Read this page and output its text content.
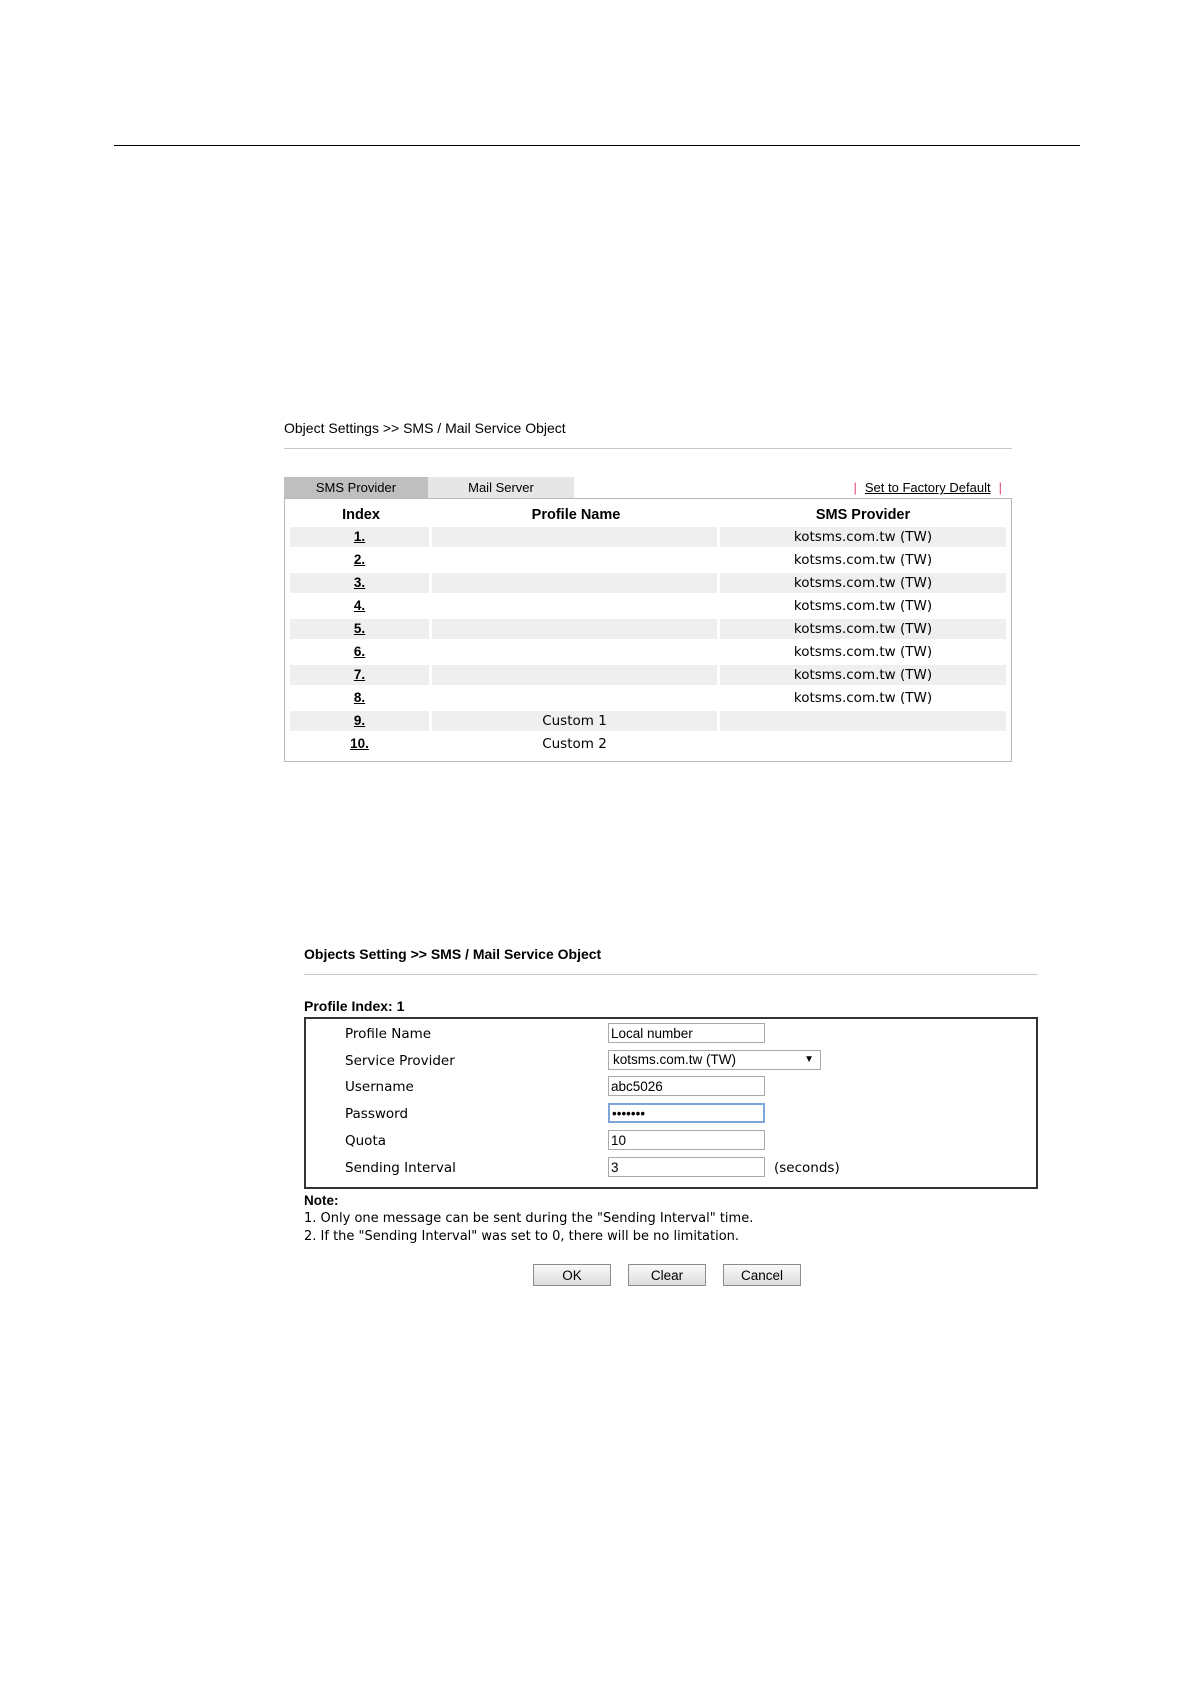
Object Settings >> SMS / Mail Service Object
SMS Provider	Mail Server	| Set to Factory Default |
Index	Profile Name	SMS Provider
1.		kotsms.com.tw (TW)
2.		kotsms.com.tw (TW)
3.		kotsms.com.tw (TW)
4.		kotsms.com.tw (TW)
5.		kotsms.com.tw (TW)
6.		kotsms.com.tw (TW)
7.		kotsms.com.tw (TW)
8.		kotsms.com.tw (TW)
9.	Custom 1	
10.	Custom 2	
Objects Setting >> SMS / Mail Service Object
Profile Index: 1
Profile Name	Local number
Service Provider	kotsms.com.tw (TW)	▼
Username	abc5026
Password	•••••••
Quota	10
Sending Interval	3	(seconds)
Note:
1. Only one message can be sent during the "Sending Interval" time.
2. If the "Sending Interval" was set to 0, there will be no limitation.
OK	Clear	Cancel
